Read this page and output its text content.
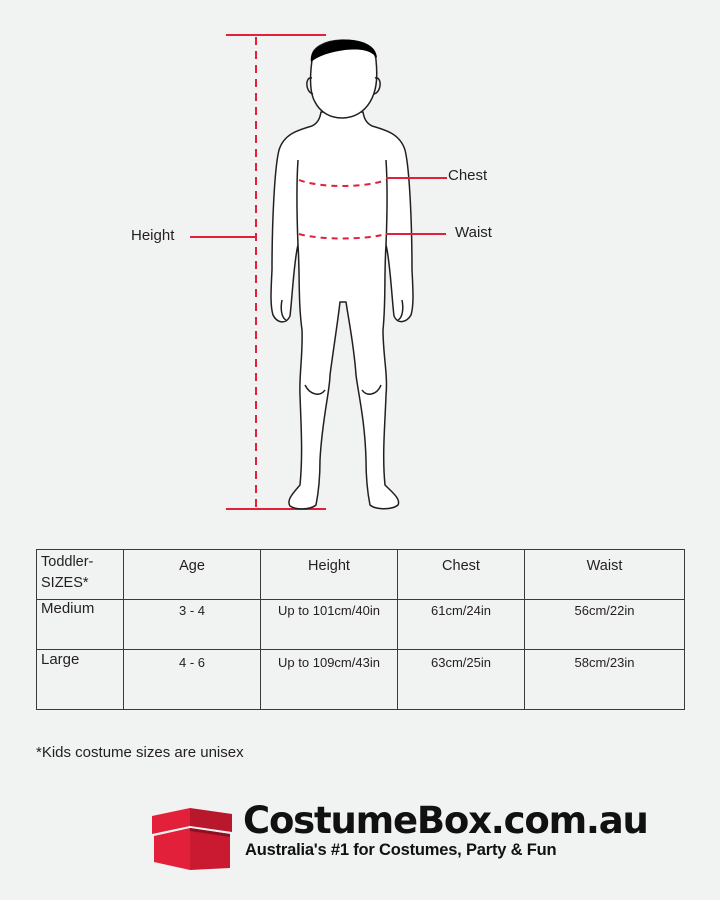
Height
Chest
Waist
Toddler-
SIZES*	Age	Height	Chest	Waist
Medium	3 - 4	Up to 101cm/40in	61cm/24in	56cm/22in
Large	4 - 6	Up to 109cm/43in	63cm/25in	58cm/23in
*Kids costume sizes are unisex
CostumeBox.com.au
Australia's #1 for Costumes, Party & Fun
